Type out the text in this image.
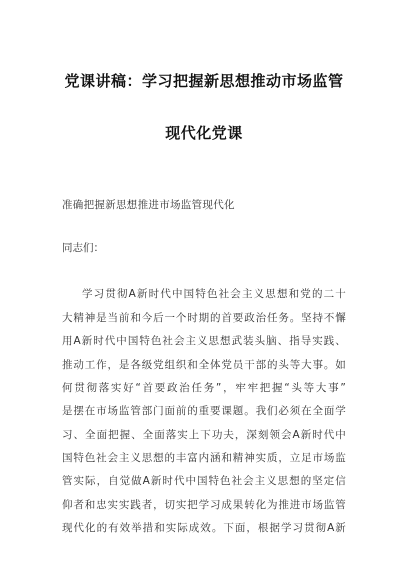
党课讲稿：学习把握新思想推动市场监管
现代化党课
准确把握新思想推进市场监管现代化
同志们：
学习贯彻A新时代中国特色社会主义思想和党的二十
大精神是当前和今后一个时期的首要政治任务。坚持不懈
用A新时代中国特色社会主义思想武装头脑、指导实践、
推动工作，是各级党组织和全体党员干部的头等大事。如
何贯彻落实好“首要政治任务”，牢牢把握“头等大事”
是摆在市场监管部门面前的重要课题。我们必须在全面学
习、全面把握、全面落实上下功夫，深刻领会A新时代中
国特色社会主义思想的丰富内涵和精神实质，立足市场监
管实际，自觉做A新时代中国特色社会主义思想的坚定信
仰者和忠实实践者，切实把学习成果转化为推进市场监管
现代化的有效举措和实际成效。下面，根据学习贯彻A新
